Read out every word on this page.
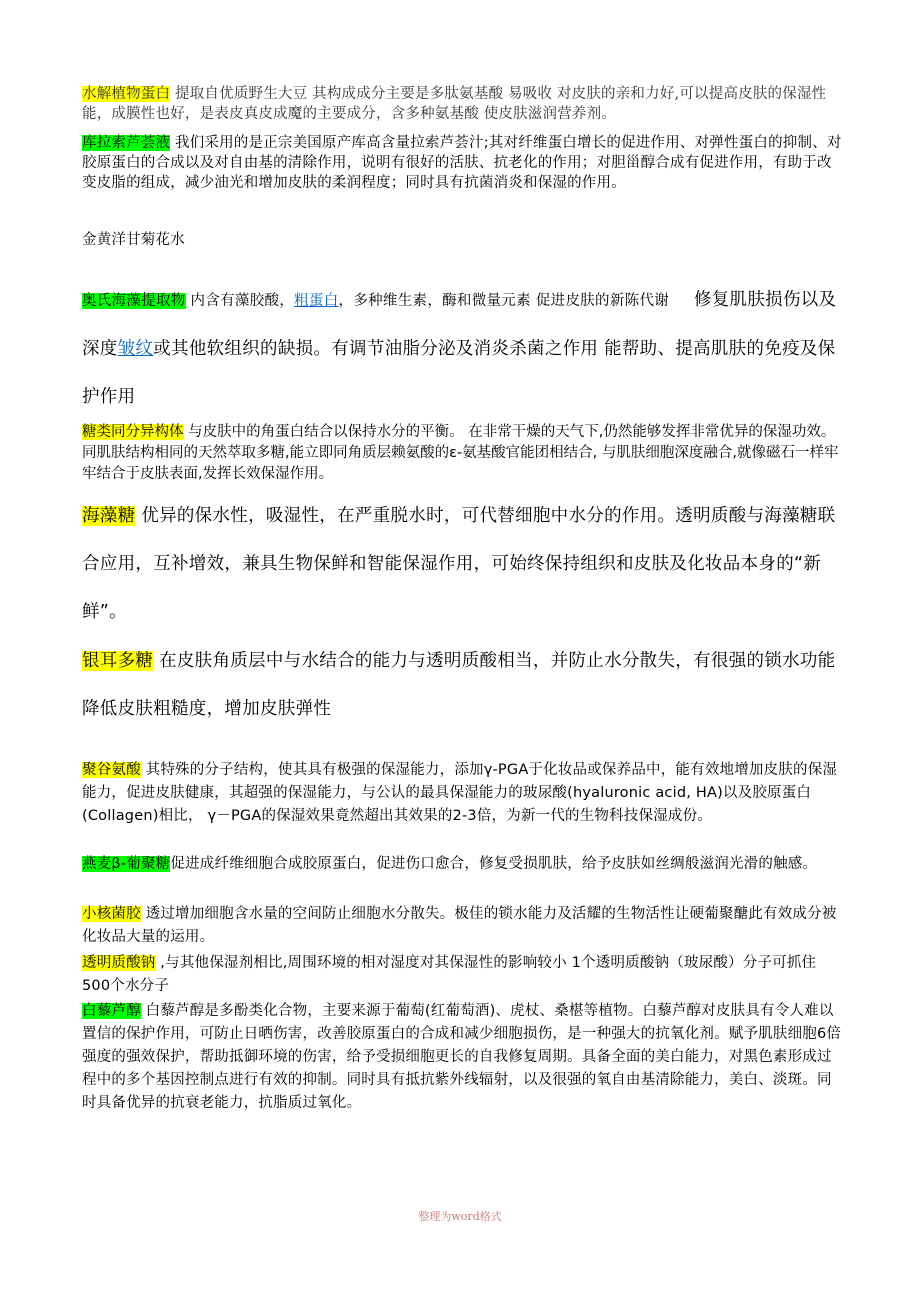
水解植物蛋白 提取自优质野生大豆 其构成成分主要是多肽氨基酸 易吸收 对皮肤的亲和力好,可以提高皮肤的保湿性能，成膜性也好，是表皮真皮成魔的主要成分，含多种氨基酸 使皮肤滋润营养剂。
库拉索芦荟液 我们采用的是正宗美国原产库高含量拉索芦荟汁;其对纤维蛋白增长的促进作用、对弹性蛋白的抑制、对胶原蛋白的合成以及对自由基的清除作用，说明有很好的活肤、抗老化的作用；对胆甾醇合成有促进作用，有助于改变皮脂的组成，减少油光和增加皮肤的柔润程度；同时具有抗菌消炎和保湿的作用。
金黄洋甘菊花水
奥氏海藻提取物 内含有藻胶酸，粗蛋白，多种维生素，酶和微量元素 促进皮肤的新陈代谢 修复肌肤损伤以及深度皱纹或其他软组织的缺损。有调节油脂分泌及消炎杀菌之作用 能帮助、提高肌肤的免疫及保护作用
糖类同分异构体 与皮肤中的角蛋白结合以保持水分的平衡。 在非常干燥的天气下,仍然能够发挥非常优异的保湿功效。 同肌肤结构相同的天然萃取多糖,能立即同角质层赖氨酸的ε-氨基酸官能团相结合, 与肌肤细胞深度融合,就像磁石一样牢牢结合于皮肤表面,发挥长效保湿作用。
海藻糖 优异的保水性，吸湿性，在严重脱水时，可代替细胞中水分的作用。透明质酸与海藻糖联合应用，互补增效，兼具生物保鲜和智能保湿作用，可始终保持组织和皮肤及化妆品本身的“新鲜”。
银耳多糖 在皮肤角质层中与水结合的能力与透明质酸相当，并防止水分散失，有很强的锁水功能 降低皮肤粗糙度，增加皮肤弹性
聚谷氨酸 其特殊的分子结构，使其具有极强的保湿能力，添加γ-PGA于化妆品或保养品中，能有效地增加皮肤的保湿能力，促进皮肤健康，其超强的保湿能力，与公认的最具保湿能力的玻尿酸(hyaluronic acid, HA)以及胶原蛋白(Collagen)相比， γ－PGA的保湿效果竟然超出其效果的2-3倍，为新一代的生物科技保湿成份。
燕麦β-葡聚糖促进成纤维细胞合成胶原蛋白，促进伤口愈合，修复受损肌肤，给予皮肤如丝绸般滋润光滑的触感。
小核菌胶 透过增加细胞含水量的空间防止细胞水分散失。极佳的锁水能力及活耀的生物活性让硬葡聚醣此有效成分被化妆品大量的运用。
透明质酸钠 ,与其他保湿剂相比,周围环境的相对湿度对其保湿性的影响较小 1个透明质酸钠（玻尿酸）分子可抓住500个水分子
白藜芦醇 白藜芦醇是多酚类化合物，主要来源于葡萄(红葡萄酒)、虎杖、桑椹等植物。白藜芦醇对皮肤具有令人难以置信的保护作用，可防止日晒伤害，改善胶原蛋白的合成和减少细胞损伤，是一种强大的抗氧化剂。赋予肌肤细胞6倍强度的强效保护，帮助抵御环境的伤害，给予受损细胞更长的自我修复周期。具备全面的美白能力，对黑色素形成过程中的多个基因控制点进行有效的抑制。同时具有抵抗紫外线辐射，以及很强的氧自由基清除能力，美白、淡斑。同时具备优异的抗衰老能力，抗脂质过氧化。
整理为word格式
